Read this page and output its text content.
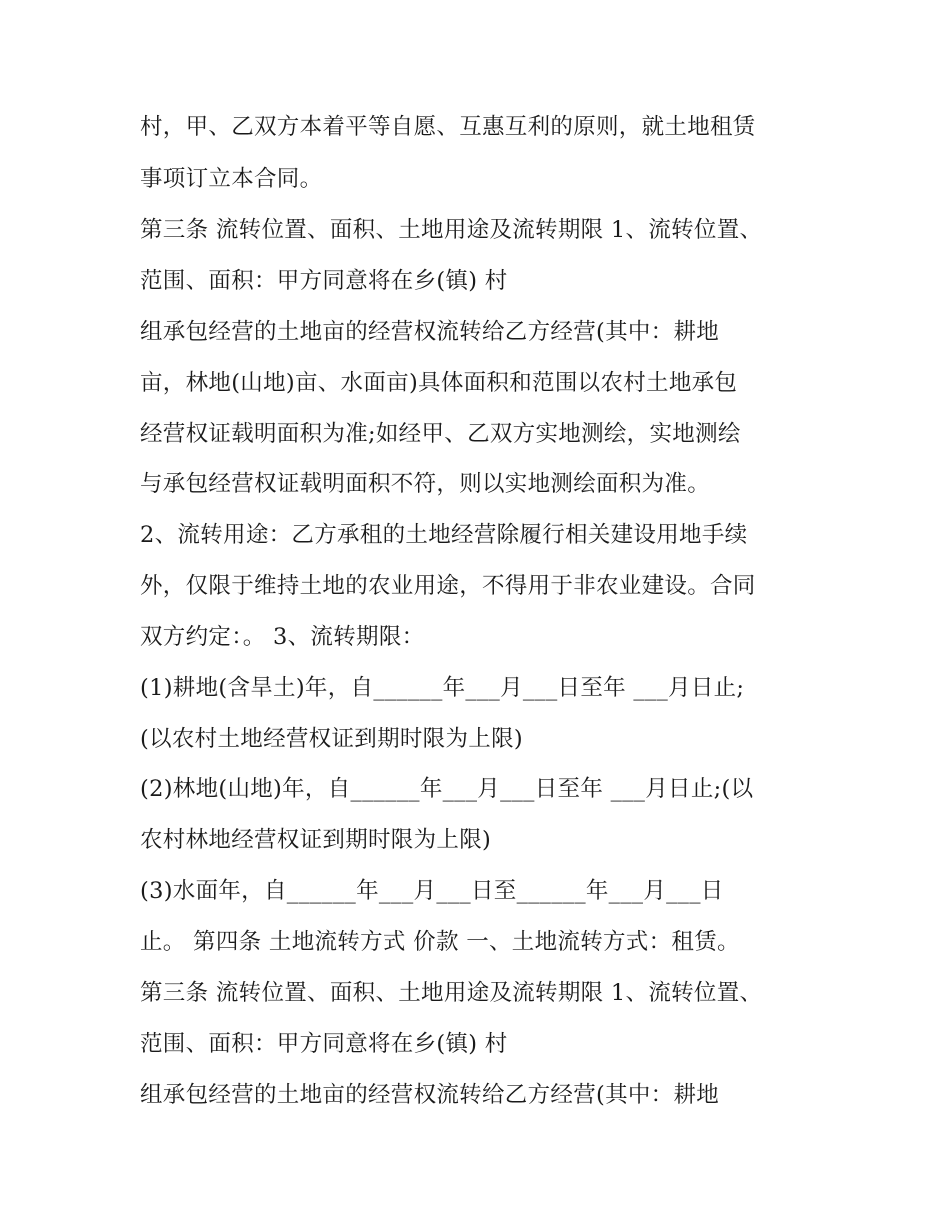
村，甲、乙双方本着平等自愿、互惠互利的原则，就土地租赁
事项订立本合同。
第三条 流转位置、面积、土地用途及流转期限 1、流转位置、
范围、面积：甲方同意将在乡(镇) 村
组承包经营的土地亩的经营权流转给乙方经营(其中：耕地
亩，林地(山地)亩、水面亩)具体面积和范围以农村土地承包
经营权证载明面积为准;如经甲、乙双方实地测绘，实地测绘
与承包经营权证载明面积不符，则以实地测绘面积为准。
2、流转用途：乙方承租的土地经营除履行相关建设用地手续
外，仅限于维持土地的农业用途，不得用于非农业建设。合同
双方约定：。 3、流转期限：
(1)耕地(含旱土)年，自______年___月___日至年 ___月日止;
(以农村土地经营权证到期时限为上限)
(2)林地(山地)年，自______年___月___日至年 ___月日止;(以
农村林地经营权证到期时限为上限)
(3)水面年，自______年___月___日至______年___月___日
止。 第四条 土地流转方式 价款 一、土地流转方式：租赁。
第三条 流转位置、面积、土地用途及流转期限 1、流转位置、
范围、面积：甲方同意将在乡(镇) 村
组承包经营的土地亩的经营权流转给乙方经营(其中：耕地
